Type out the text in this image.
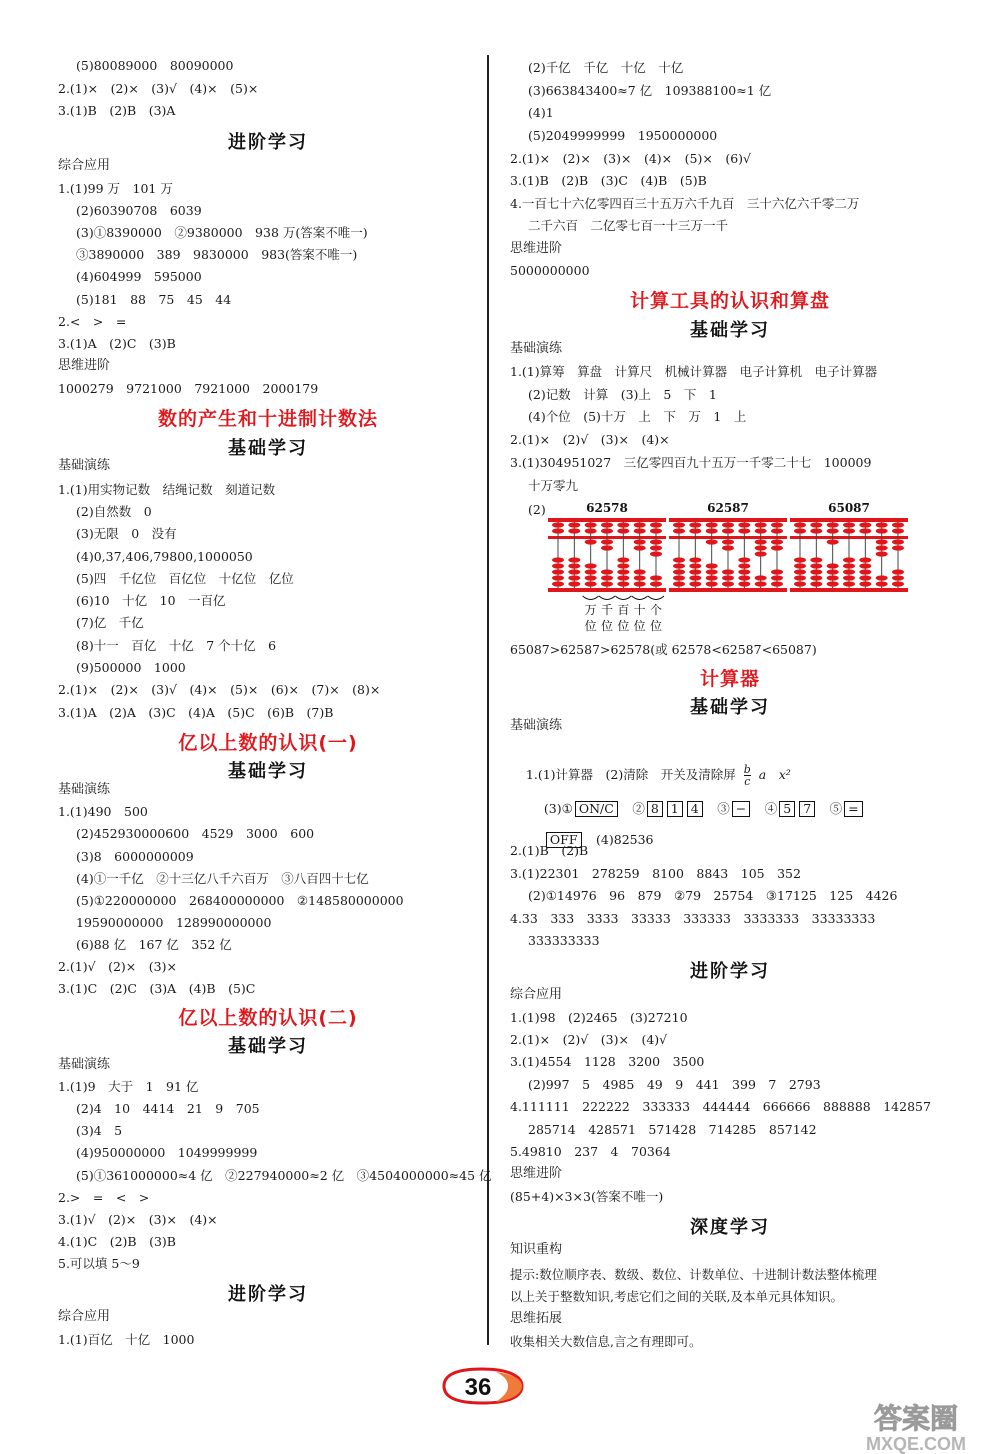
(5)80089000　80090000
2.(1)×　(2)×　(3)√　(4)×　(5)×
3.(1)B　(2)B　(3)A
进阶学习
综合应用
1.(1)99 万　101 万
(2)60390708　6039
(3)①8390000　②9380000　938 万(答案不唯一)
③3890000　389　9830000　983(答案不唯一)
(4)604999　595000
(5)181　88　75　45　44
2.<　>　=
3.(1)A　(2)C　(3)B
思维进阶
1000279　9721000　7921000　2000179
数的产生和十进制计数法
基础学习
基础演练
1.(1)用实物记数　结绳记数　刻道记数
(2)自然数　0
(3)无限　0　没有
(4)0,37,406,79800,1000050
(5)四　千亿位　百亿位　十亿位　亿位
(6)10　十亿　10　一百亿
(7)亿　千亿
(8)十一　百亿　十亿　7 个十亿　6
(9)500000　1000
2.(1)×　(2)×　(3)√　(4)×　(5)×　(6)×　(7)×　(8)×
3.(1)A　(2)A　(3)C　(4)A　(5)C　(6)B　(7)B
亿以上数的认识(一)
基础学习
基础演练
1.(1)490　500
(2)452930000600　4529　3000　600
(3)8　6000000009
(4)①一千亿　②十三亿八千六百万　③八百四十七亿
(5)①220000000　268400000000　②148580000000
19590000000　128990000000
(6)88 亿　167 亿　352 亿
2.(1)√　(2)×　(3)×
3.(1)C　(2)C　(3)A　(4)B　(5)C
亿以上数的认识(二)
基础学习
基础演练
1.(1)9　大于　1　91 亿
(2)4　10　4414　21　9　705
(3)4　5
(4)950000000　1049999999
(5)①361000000≈4 亿　②227940000≈2 亿　③4504000000≈45 亿
2.>　=　<　>
3.(1)√　(2)×　(3)×　(4)×
4.(1)C　(2)B　(3)B
5.可以填 5～9
进阶学习
综合应用
1.(1)百亿　十亿　1000
(2)千亿　千亿　十亿　十亿
(3)663843400≈7 亿　109388100≈1 亿
(4)1
(5)2049999999　1950000000
2.(1)×　(2)×　(3)×　(4)×　(5)×　(6)√
3.(1)B　(2)B　(3)C　(4)B　(5)B
4.一百七十六亿零四百三十五万六千九百　三十六亿六千零二万
二千六百　二亿零七百一十三万一千
思维进阶
5000000000
计算工具的认识和算盘
基础学习
基础演练
1.(1)算筹　算盘　计算尺　机械计算器　电子计算机　电子计算器
(2)记数　计算　(3)上　5　下　1
(4)个位　(5)十万　上　下　万　1　上
2.(1)×　(2)√　(3)×　(4)×
3.(1)304951027　三亿零四百九十五万一千零二十七　100009
十万零九
(2)	62578	62587	65087
万
位
千
位
百
位
十
位
个
位
65087>62587>62578(或 62578<62587<65087)
计算器
基础学习
基础演练

1.(1)计算器　(2)清除　开关及清除屏 $\frac{b}{c}$ a　x²

(3)① ON/C　 ② 8 1 4　 ③ −　 ④ 5 7　 ⑤ =

OFF　 (4)82536

2.(1)B　(2)B
3.(1)22301　278259　8100　8843　105　352
(2)①14976　96　879　②79　25754　③17125　125　4426
4.33　333　3333　33333　333333　3333333　33333333
333333333
进阶学习
综合应用
1.(1)98　(2)2465　(3)27210
2.(1)×　(2)√　(3)×　(4)√
3.(1)4554　1128　3200　3500
(2)997　5　4985　49　9　441　399　7　2793
4.111111　222222　333333　444444　666666　888888　142857
285714　428571　571428　714285　857142
5.49810　237　4　70364
思维进阶
(85+4)×3×3(答案不唯一)
深度学习
知识重构
提示:数位顺序表、数级、数位、计数单位、十进制计数法整体梳理
以上关于整数知识,考虑它们之间的关联,及本单元具体知识。
思维拓展
收集相关大数信息,言之有理即可。
36
答案圈
MXQE.COM
